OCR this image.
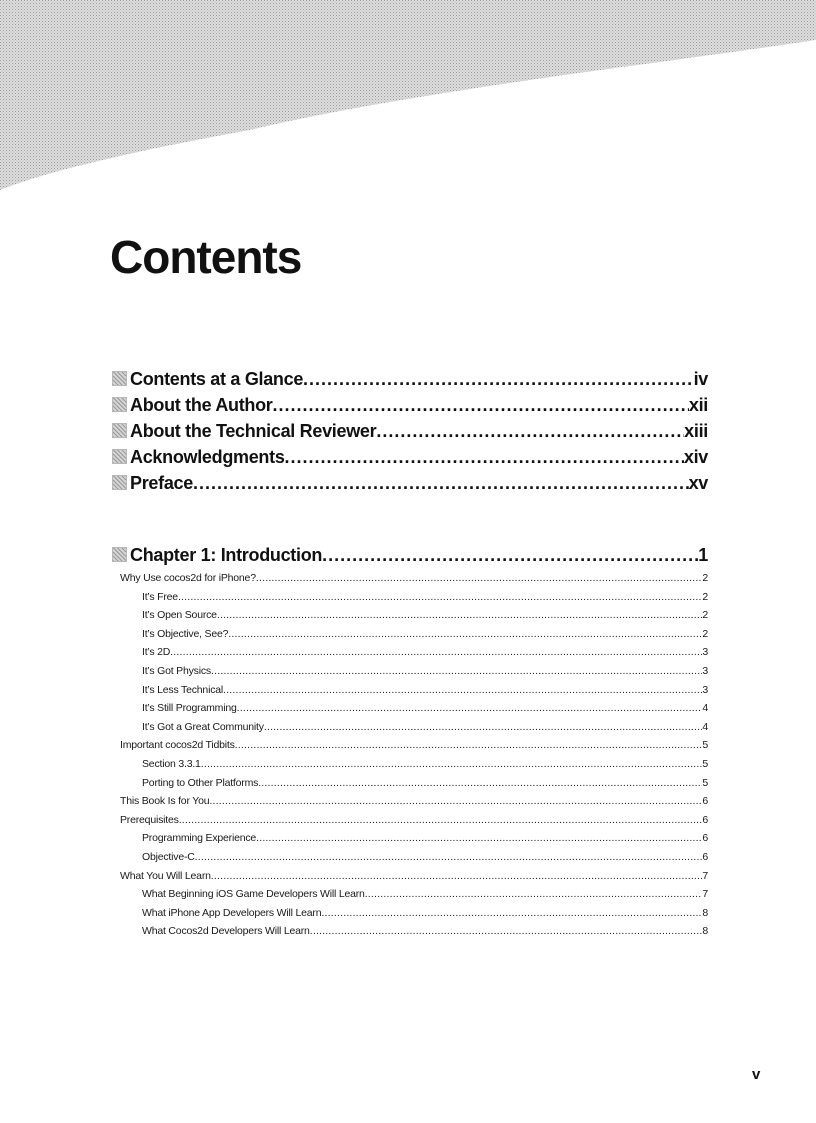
Contents
Contents at a Glance .....	iv
About the Author .....	xii
About the Technical Reviewer .....	xiii
Acknowledgments .....	xiv
Preface .....	xv
Chapter 1: Introduction .....	1
Why Use cocos2d for iPhone? .....	2
It’s Free .....	2
It’s Open Source .....	2
It’s Objective, See? .....	2
It’s 2D .....	3
It’s Got Physics .....	3
It’s Less Technical .....	3
It’s Still Programming .....	4
It’s Got a Great Community .....	4
Important cocos2d Tidbits .....	5
Section 3.3.1 .....	5
Porting to Other Platforms .....	5
This Book Is for You .....	6
Prerequisites .....	6
Programming Experience .....	6
Objective-C .....	6
What You Will Learn .....	7
What Beginning iOS Game Developers Will Learn .....	7
What iPhone App Developers Will Learn .....	8
What Cocos2d Developers Will Learn .....	8
v
